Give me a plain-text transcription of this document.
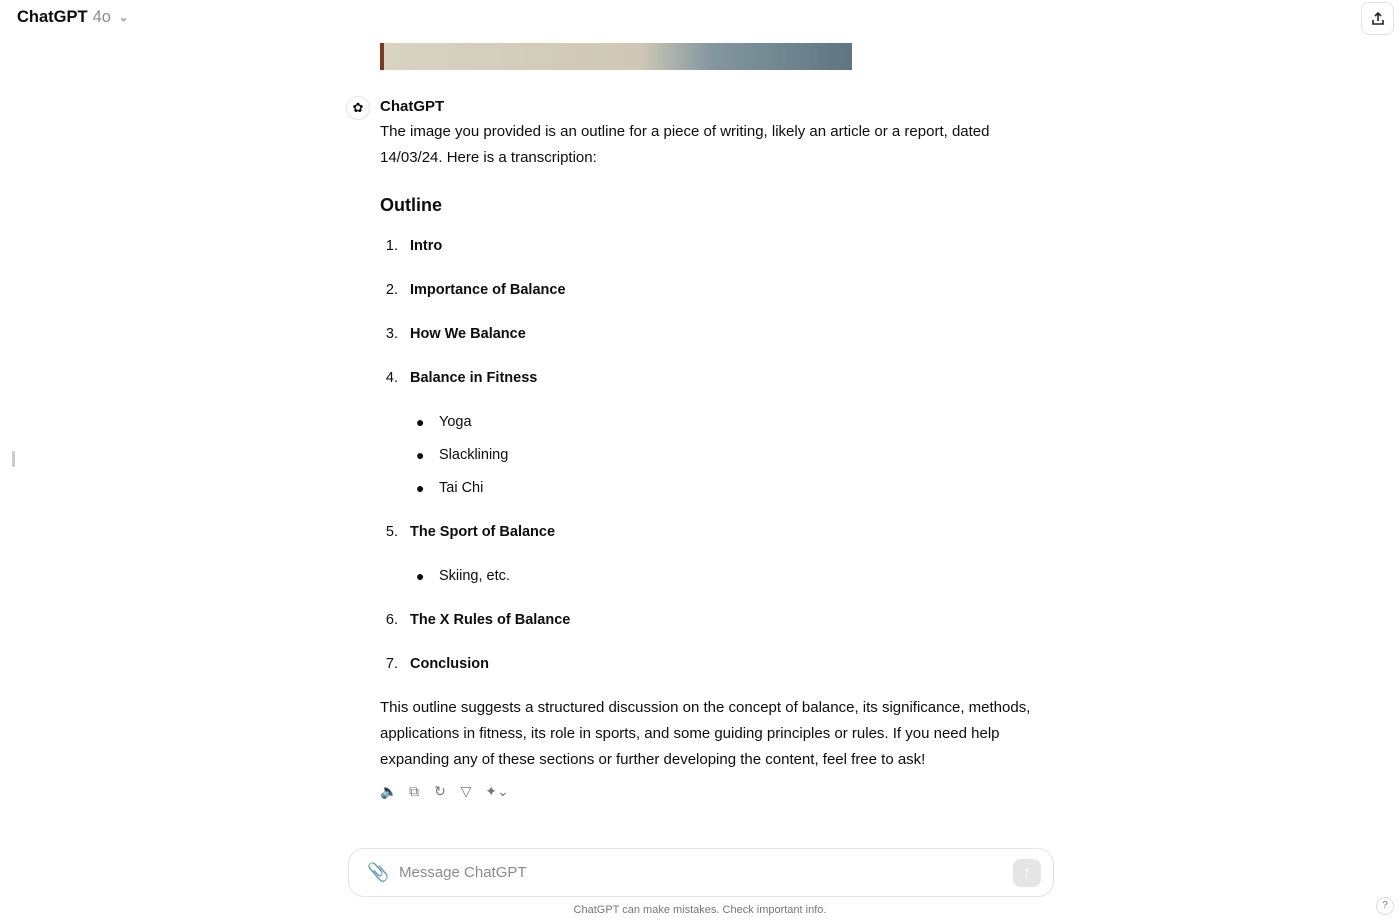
ChatGPT 4o ⌄
✿	ChatGPT

The image you provided is an outline for a piece of writing, likely an article or a report, dated 14/03/24. Here is a transcription:

Outline
1. Intro
2. Importance of Balance
3. How We Balance
4. Balance in Fitness
●	Yoga
●	Slacklining
●	Tai Chi
5. The Sport of Balance
●	Skiing, etc.
6. The X Rules of Balance
7. Conclusion

This outline suggests a structured discussion on the concept of balance, its significance, methods, applications in fitness, its role in sports, and some guiding principles or rules. If you need help expanding any of these sections or further developing the content, feel free to ask!

🔈 ⧉ ↻ ▽ ✦⌄
📎
Message ChatGPT	↑
ChatGPT can make mistakes. Check important info.	?
